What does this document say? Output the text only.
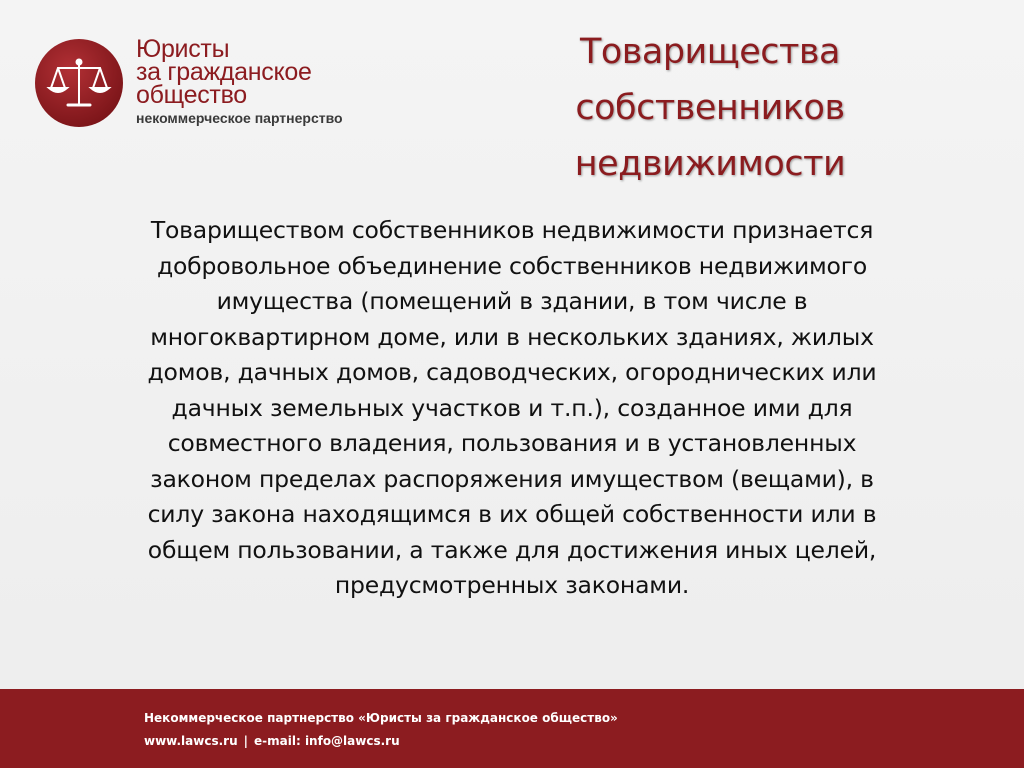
Юристы
за гражданское
общество
некоммерческое партнерство
Товарищества
собственников
недвижимости
Товариществом собственников недвижимости признается
добровольное объединение собственников недвижимого
имущества (помещений в здании, в том числе в
многоквартирном доме, или в нескольких зданиях, жилых
домов, дачных домов, садоводческих, огороднических или
дачных земельных участков и т.п.), созданное ими для
совместного владения, пользования и в установленных
законом пределах распоряжения имуществом (вещами), в
силу закона находящимся в их общей собственности или в
общем пользовании, а также для достижения иных целей,
предусмотренных законами.
Некоммерческое партнерство «Юристы за гражданское общество»
www.lawcs.ru | e-mail: info@lawcs.ru
